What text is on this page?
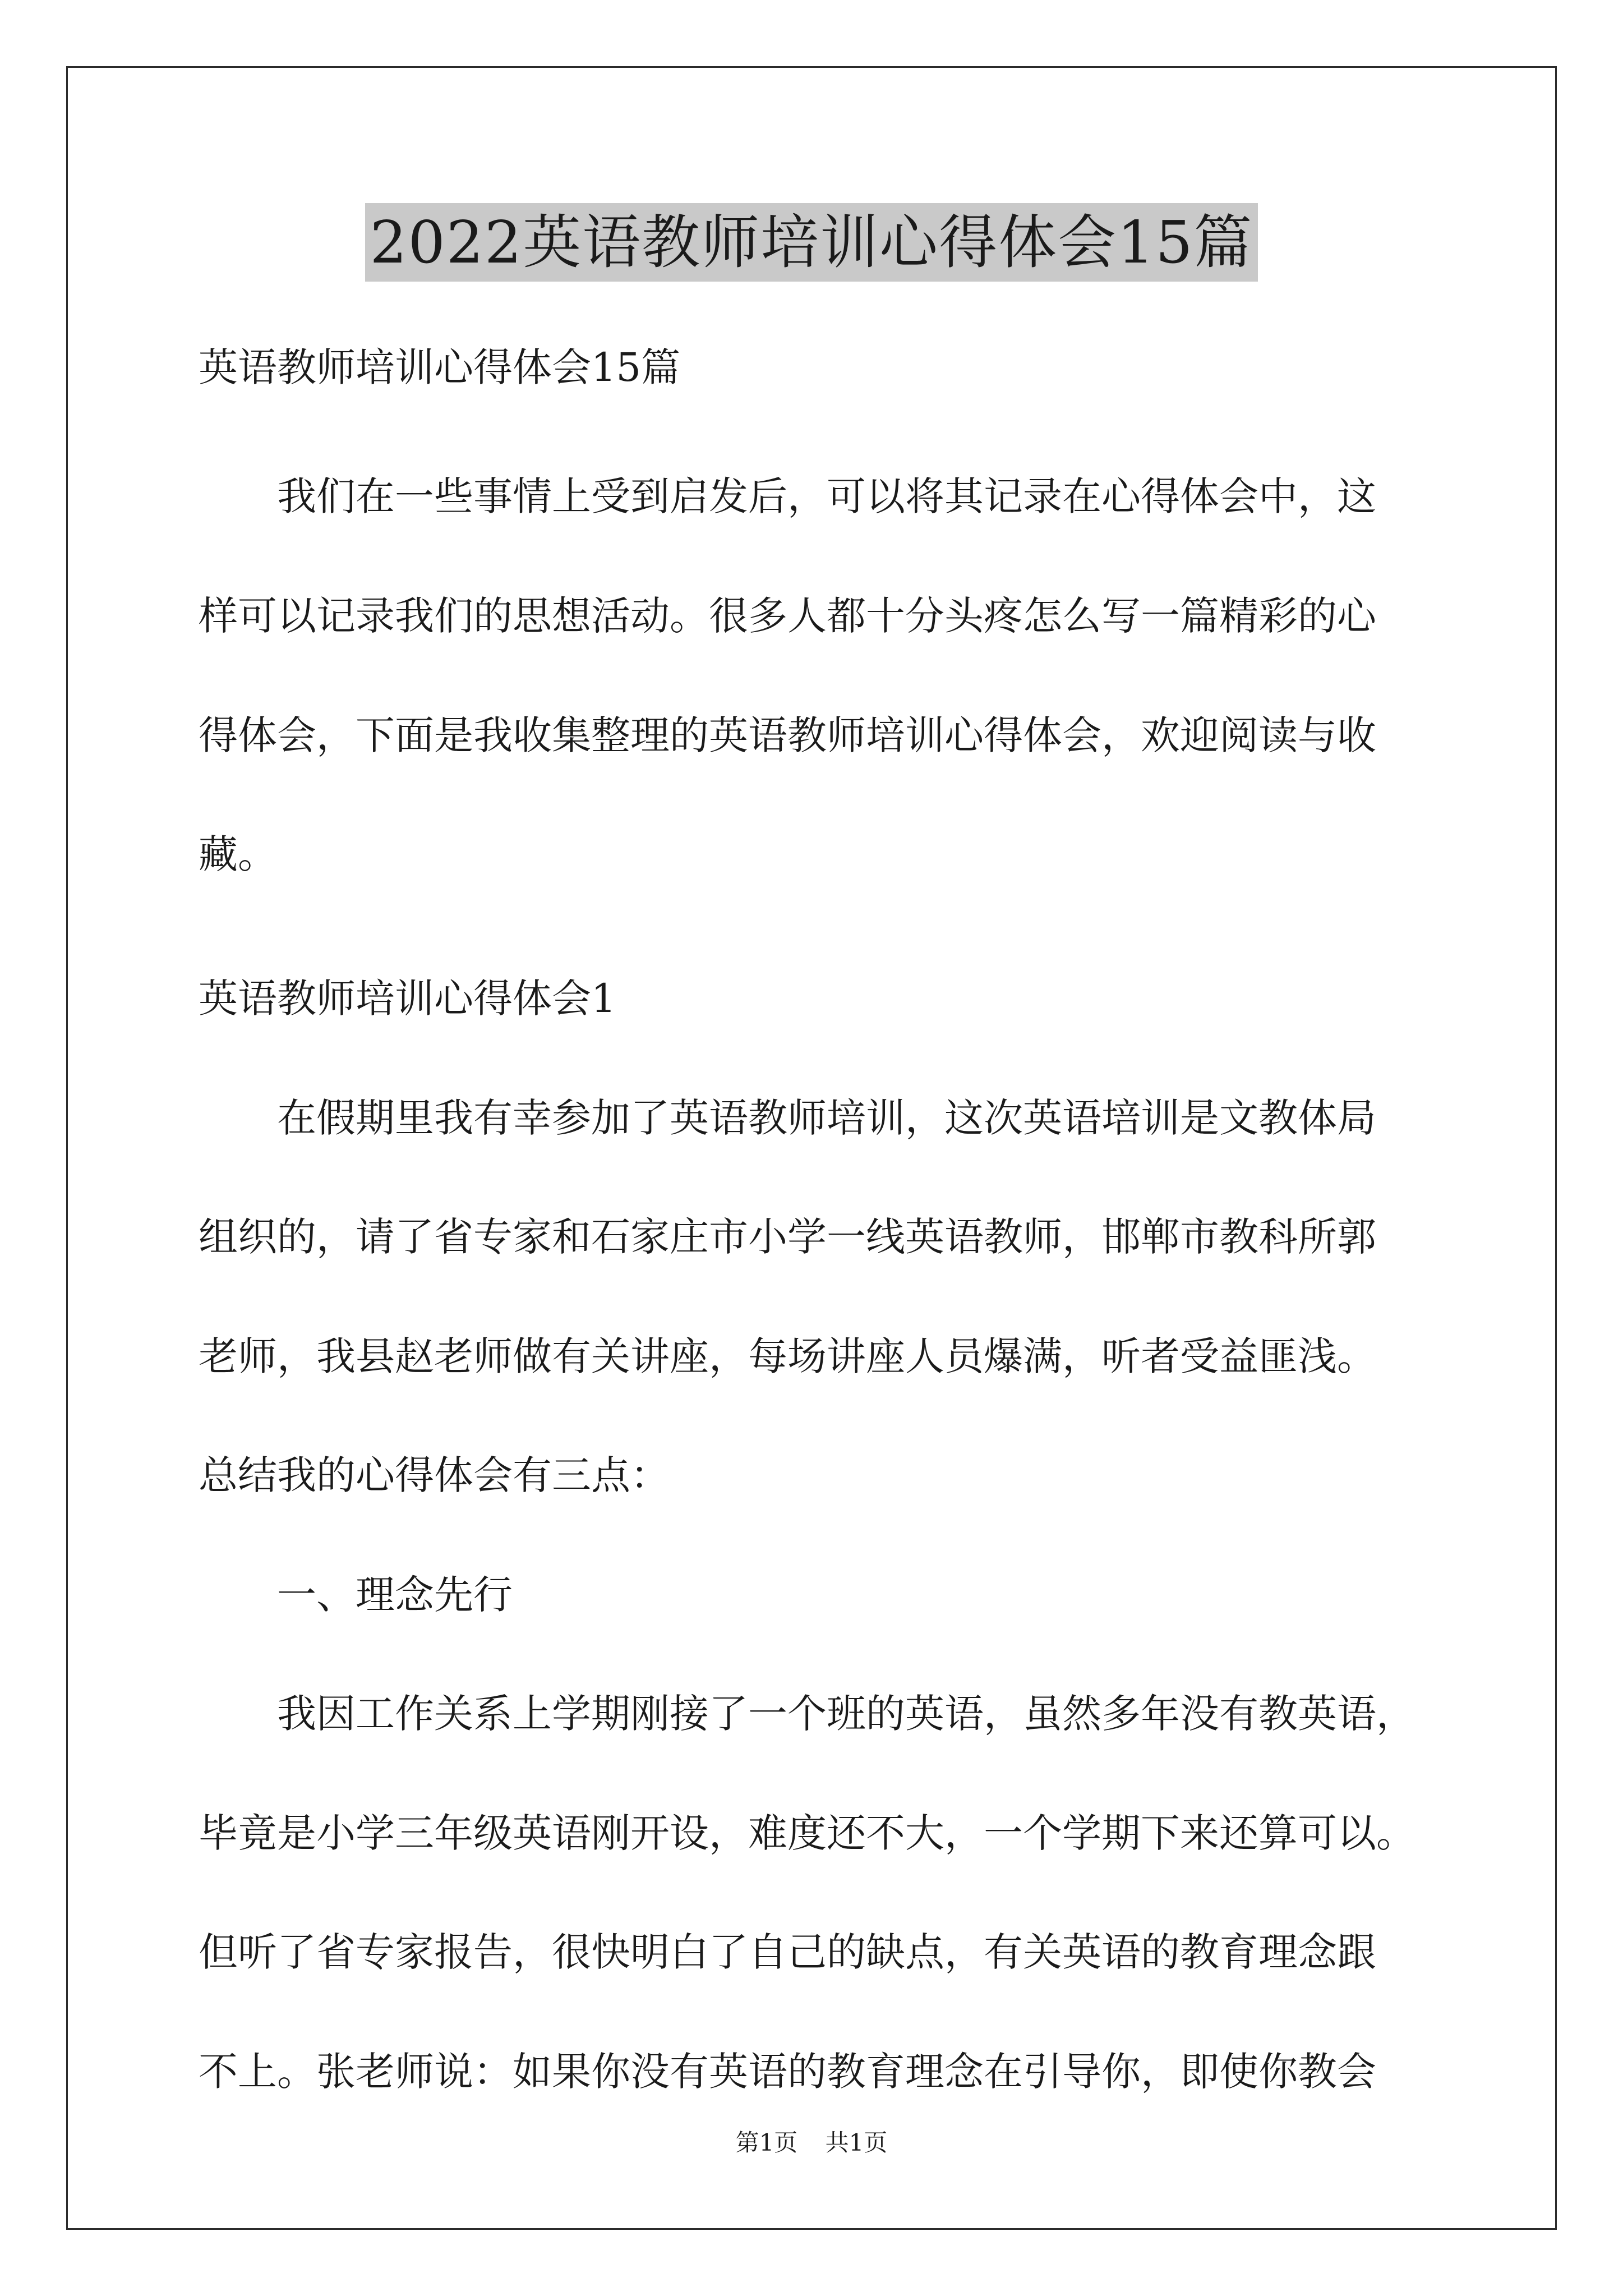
2022英语教师培训心得体会15篇
英语教师培训心得体会15篇
我们在一些事情上受到启发后，可以将其记录在心得体会中，这
样可以记录我们的思想活动。很多人都十分头疼怎么写一篇精彩的心
得体会，下面是我收集整理的英语教师培训心得体会，欢迎阅读与收
藏。
英语教师培训心得体会1
在假期里我有幸参加了英语教师培训，这次英语培训是文教体局
组织的，请了省专家和石家庄市小学一线英语教师，邯郸市教科所郭
老师，我县赵老师做有关讲座，每场讲座人员爆满，听者受益匪浅。
总结我的心得体会有三点：
一、理念先行
我因工作关系上学期刚接了一个班的英语，虽然多年没有教英语，
毕竟是小学三年级英语刚开设，难度还不大，一个学期下来还算可以。
但听了省专家报告，很快明白了自己的缺点，有关英语的教育理念跟
不上。张老师说：如果你没有英语的教育理念在引导你，即使你教会
第1页 共1页
